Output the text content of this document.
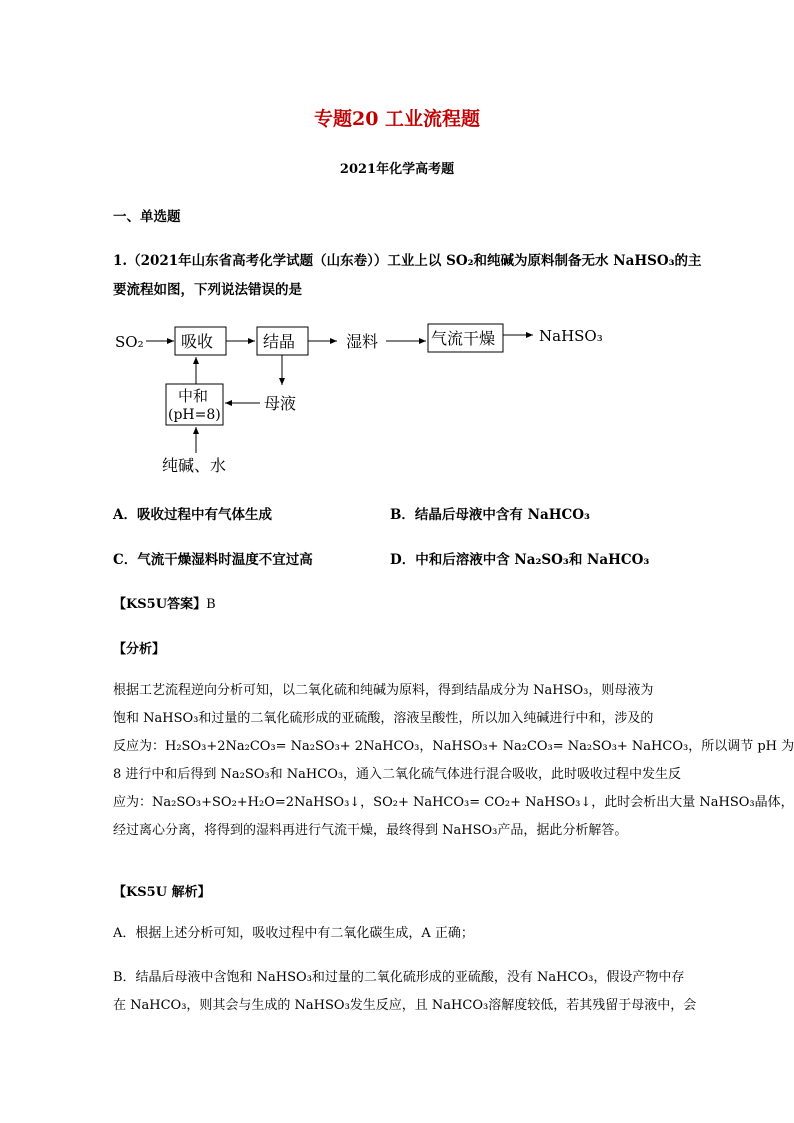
专题20 工业流程题
2021年化学高考题
一、单选题
1.（2021年山东省高考化学试题（山东卷））工业上以 SO₂和纯碱为原料制备无水 NaHSO₃的主
要流程如图，下列说法错误的是
SO₂ 吸收	结晶	湿料	气流干燥	NaHSO₃
母液
中和
(pH=8)
纯碱、水
A．吸收过程中有气体生成	B．结晶后母液中含有 NaHCO₃
C．气流干燥湿料时温度不宜过高	D．中和后溶液中含 Na₂SO₃和 NaHCO₃
【KS5U答案】B
【分析】
根据工艺流程逆向分析可知，以二氧化硫和纯碱为原料，得到结晶成分为 NaHSO₃，则母液为
饱和 NaHSO₃和过量的二氧化硫形成的亚硫酸，溶液呈酸性，所以加入纯碱进行中和，涉及的
反应为：H₂SO₃+2Na₂CO₃= Na₂SO₃+ 2NaHCO₃，NaHSO₃+ Na₂CO₃= Na₂SO₃+ NaHCO₃，所以调节 pH 为
8 进行中和后得到 Na₂SO₃和 NaHCO₃，通入二氧化硫气体进行混合吸收，此时吸收过程中发生反
应为：Na₂SO₃+SO₂+H₂O=2NaHSO₃↓，SO₂+ NaHCO₃= CO₂+ NaHSO₃↓，此时会析出大量 NaHSO₃晶体，
经过离心分离，将得到的湿料再进行气流干燥，最终得到 NaHSO₃产品，据此分析解答。
【KS5U 解析】
A．根据上述分析可知，吸收过程中有二氧化碳生成，A 正确；
B．结晶后母液中含饱和 NaHSO₃和过量的二氧化硫形成的亚硫酸，没有 NaHCO₃，假设产物中存
在 NaHCO₃，则其会与生成的 NaHSO₃发生反应，且 NaHCO₃溶解度较低，若其残留于母液中，会
